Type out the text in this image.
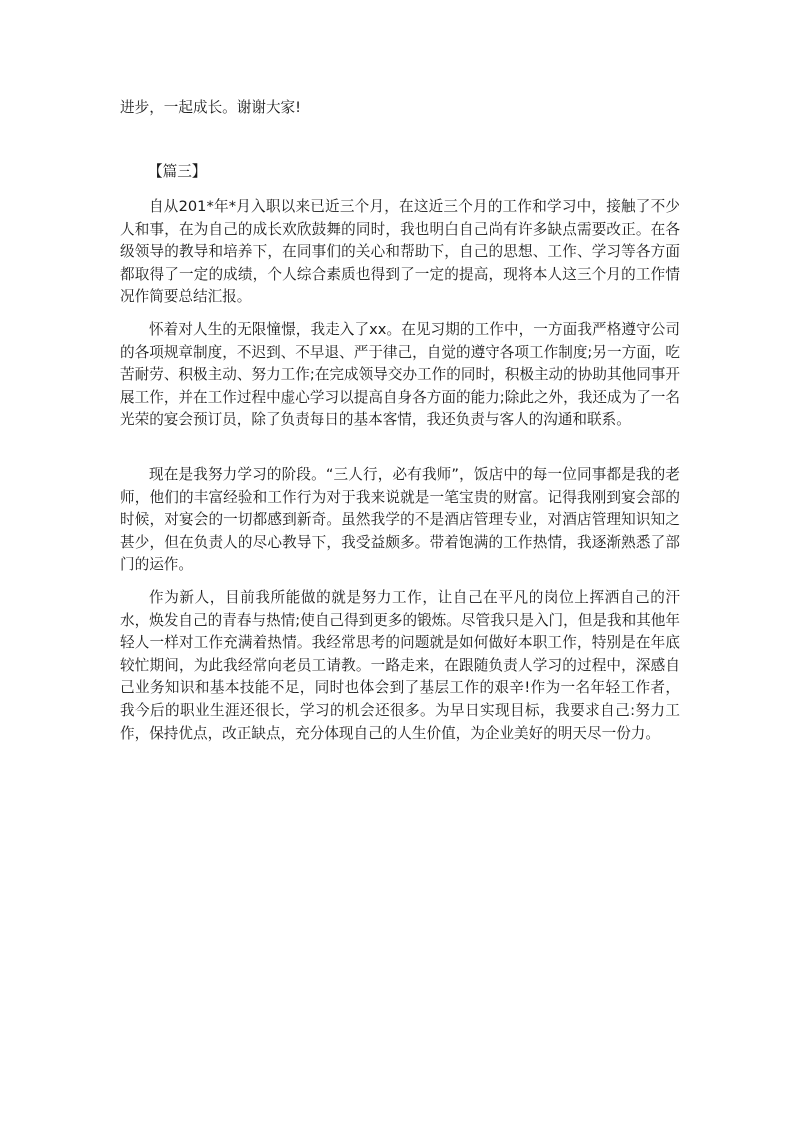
进步，一起成长。谢谢大家!

【篇三】

自从201*年*月入职以来已近三个月，在这近三个月的工作和学习中，接触了不少人和事，在为自己的成长欢欣鼓舞的同时，我也明白自己尚有许多缺点需要改正。在各级领导的教导和培养下，在同事们的关心和帮助下，自己的思想、工作、学习等各方面都取得了一定的成绩，个人综合素质也得到了一定的提高，现将本人这三个月的工作情况作简要总结汇报。

怀着对人生的无限憧憬，我走入了xx。在见习期的工作中，一方面我严格遵守公司的各项规章制度，不迟到、不早退、严于律己，自觉的遵守各项工作制度;另一方面，吃苦耐劳、积极主动、努力工作;在完成领导交办工作的同时，积极主动的协助其他同事开展工作，并在工作过程中虚心学习以提高自身各方面的能力;除此之外，我还成为了一名光荣的宴会预订员，除了负责每日的基本客情，我还负责与客人的沟通和联系。

现在是我努力学习的阶段。“三人行，必有我师”，饭店中的每一位同事都是我的老师，他们的丰富经验和工作行为对于我来说就是一笔宝贵的财富。记得我刚到宴会部的时候，对宴会的一切都感到新奇。虽然我学的不是酒店管理专业，对酒店管理知识知之甚少，但在负责人的尽心教导下，我受益颇多。带着饱满的工作热情，我逐渐熟悉了部门的运作。

作为新人，目前我所能做的就是努力工作，让自己在平凡的岗位上挥洒自己的汗水，焕发自己的青春与热情;使自己得到更多的锻炼。尽管我只是入门，但是我和其他年轻人一样对工作充满着热情。我经常思考的问题就是如何做好本职工作，特别是在年底较忙期间，为此我经常向老员工请教。一路走来，在跟随负责人学习的过程中，深感自己业务知识和基本技能不足，同时也体会到了基层工作的艰辛!作为一名年轻工作者，我今后的职业生涯还很长，学习的机会还很多。为早日实现目标，我要求自己:努力工作，保持优点，改正缺点，充分体现自己的人生价值，为企业美好的明天尽一份力。
